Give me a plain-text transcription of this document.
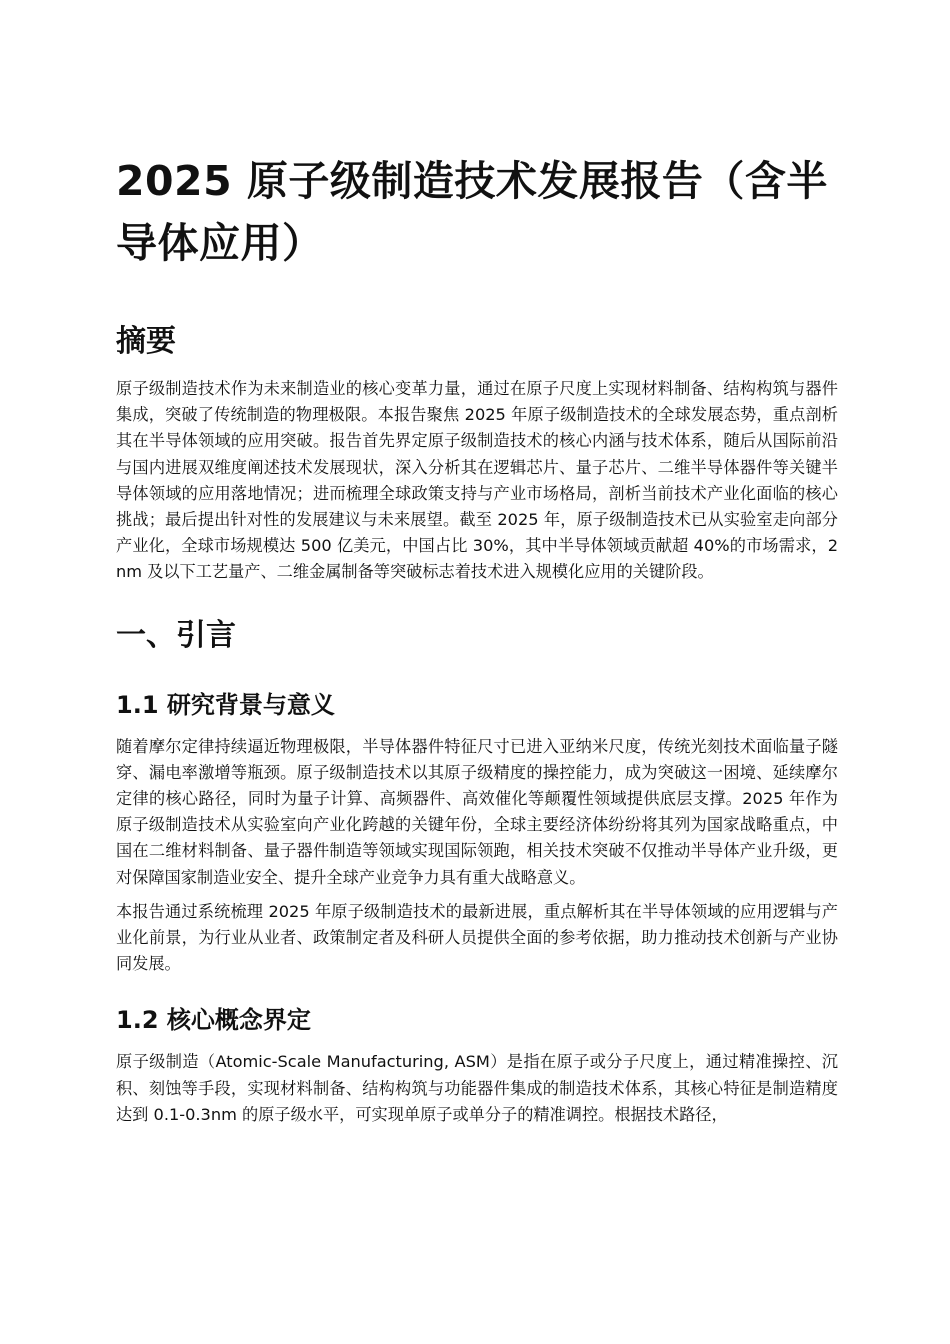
2025 原子级制造技术发展报告（含半导体应用）
摘要

原子级制造技术作为未来制造业的核心变革力量，通过在原子尺度上实现材料制备、结构构筑与器件集成，突破了传统制造的物理极限。本报告聚焦 2025 年原子级制造技术的全球发展态势，重点剖析其在半导体领域的应用突破。报告首先界定原子级制造技术的核心内涵与技术体系，随后从国际前沿与国内进展双维度阐述技术发展现状，深入分析其在逻辑芯片、量子芯片、二维半导体器件等关键半导体领域的应用落地情况；进而梳理全球政策支持与产业市场格局，剖析当前技术产业化面临的核心挑战；最后提出针对性的发展建议与未来展望。截至 2025 年，原子级制造技术已从实验室走向部分产业化，全球市场规模达 500 亿美元，中国占比 30%，其中半导体领域贡献超 40%的市场需求，2nm 及以下工艺量产、二维金属制备等突破标志着技术进入规模化应用的关键阶段。

一、引言
1.1 研究背景与意义

随着摩尔定律持续逼近物理极限，半导体器件特征尺寸已进入亚纳米尺度，传统光刻技术面临量子隧穿、漏电率激增等瓶颈。原子级制造技术以其原子级精度的操控能力，成为突破这一困境、延续摩尔定律的核心路径，同时为量子计算、高频器件、高效催化等颠覆性领域提供底层支撑。2025 年作为原子级制造技术从实验室向产业化跨越的关键年份，全球主要经济体纷纷将其列为国家战略重点，中国在二维材料制备、量子器件制造等领域实现国际领跑，相关技术突破不仅推动半导体产业升级，更对保障国家制造业安全、提升全球产业竞争力具有重大战略意义。

本报告通过系统梳理 2025 年原子级制造技术的最新进展，重点解析其在半导体领域的应用逻辑与产业化前景，为行业从业者、政策制定者及科研人员提供全面的参考依据，助力推动技术创新与产业协同发展。

1.2 核心概念界定

原子级制造（Atomic-Scale Manufacturing, ASM）是指在原子或分子尺度上，通过精准操控、沉积、刻蚀等手段，实现材料制备、结构构筑与功能器件集成的制造技术体系，其核心特征是制造精度达到 0.1-0.3nm 的原子级水平，可实现单原子或单分子的精准调控。根据技术路径，
